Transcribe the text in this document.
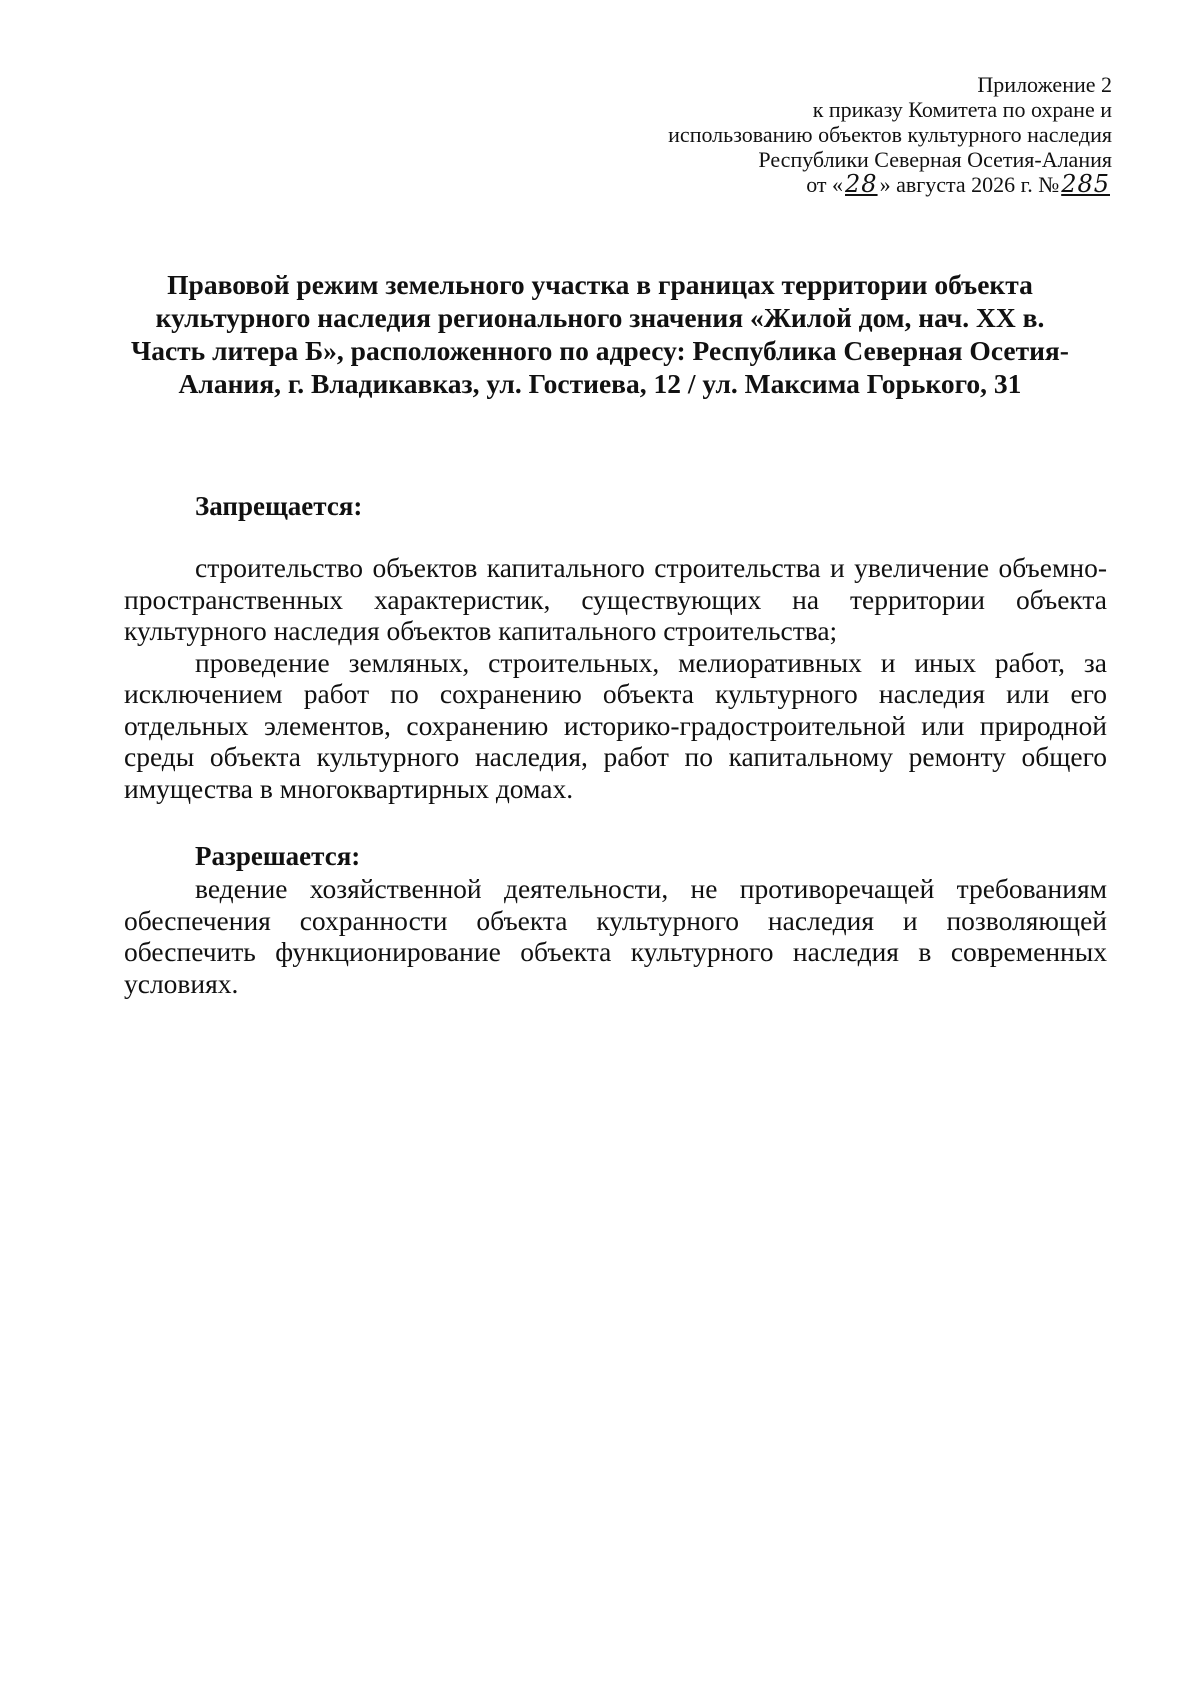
Приложение 2
к приказу Комитета по охране и
использованию объектов культурного наследия
Республики Северная Осетия-Алания
от «28» августа 2026 г. №285
Правовой режим земельного участка в границах территории объекта культурного наследия регионального значения «Жилой дом, нач. XX в. Часть литера Б», расположенного по адресу: Республика Северная Осетия-Алания, г. Владикавказ, ул. Гостиева, 12 / ул. Максима Горького, 31
Запрещается:

строительство объектов капитального строительства и увеличение объемно-пространственных характеристик, существующих на территории объекта культурного наследия объектов капитального строительства;

проведение земляных, строительных, мелиоративных и иных работ, за исключением работ по сохранению объекта культурного наследия или его отдельных элементов, сохранению историко-градостроительной или природной среды объекта культурного наследия, работ по капитальному ремонту общего имущества в многоквартирных домах.

Разрешается:

ведение хозяйственной деятельности, не противоречащей требованиям обеспечения сохранности объекта культурного наследия и позволяющей обеспечить функционирование объекта культурного наследия в современных условиях.
